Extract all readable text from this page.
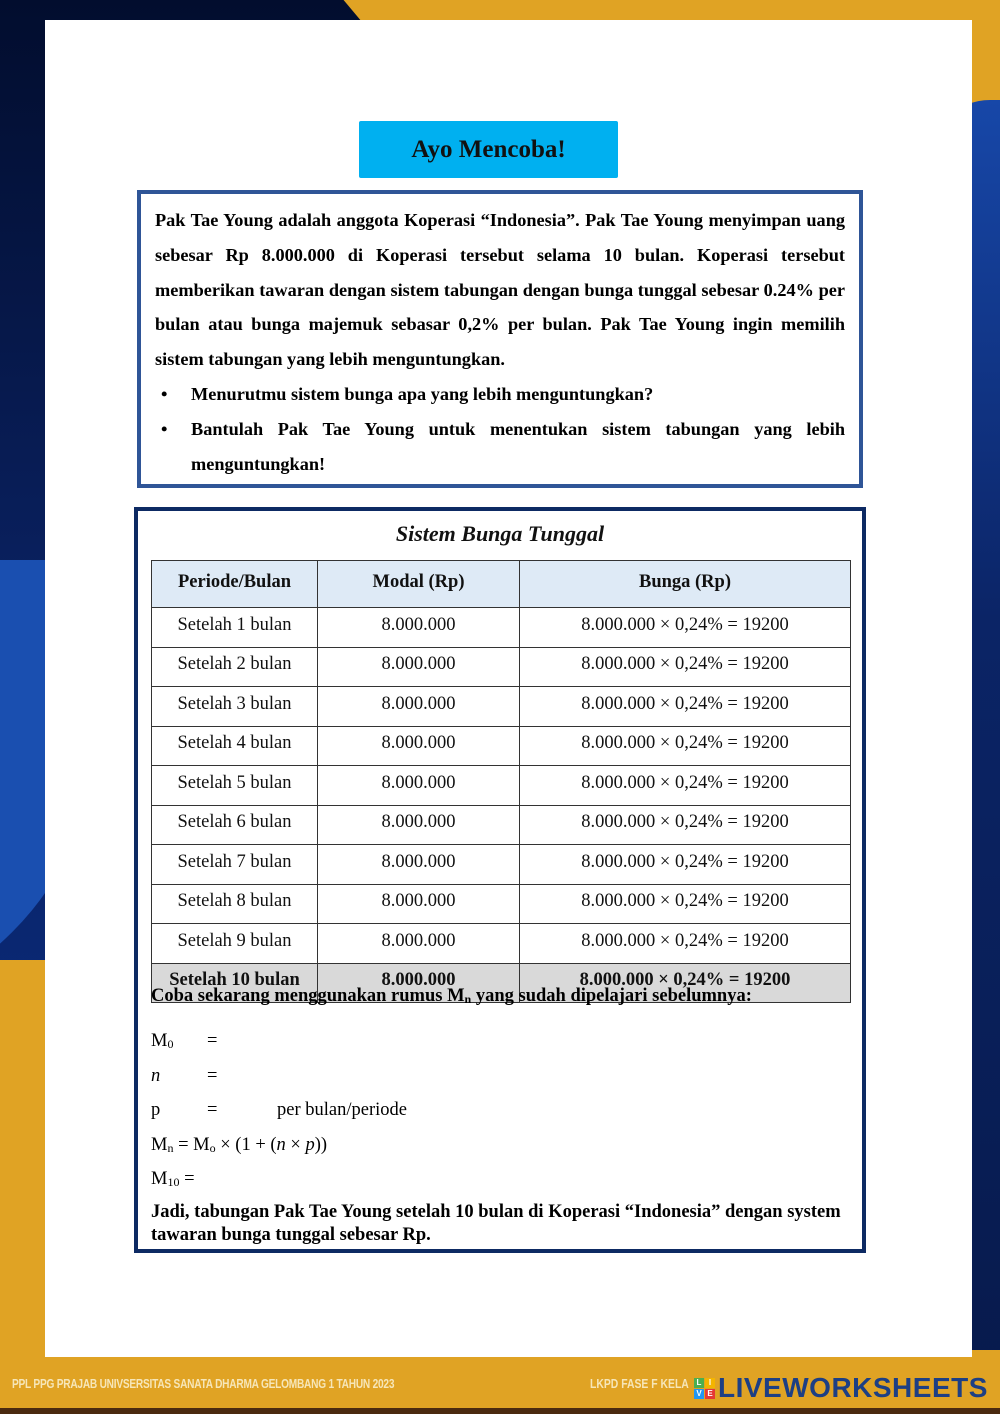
Ayo Mencoba!

Pak Tae Young adalah anggota Koperasi “Indonesia”. Pak Tae Young menyimpan uang sebesar Rp 8.000.000 di Koperasi tersebut selama 10 bulan. Koperasi tersebut memberikan tawaran dengan sistem tabungan dengan bunga tunggal sebesar 0.24% per bulan atau bunga majemuk sebasar 0,2% per bulan. Pak Tae Young ingin memilih sistem tabungan yang lebih menguntungkan.

• Menurutmu sistem bunga apa yang lebih menguntungkan?
• Bantulah Pak Tae Young untuk menentukan sistem tabungan yang lebih menguntungkan!
Sistem Bunga Tunggal
Periode/Bulan	Modal (Rp)	Bunga (Rp)
Setelah 1 bulan	8.000.000	8.000.000 × 0,24% = 19200
Setelah 2 bulan	8.000.000	8.000.000 × 0,24% = 19200
Setelah 3 bulan	8.000.000	8.000.000 × 0,24% = 19200
Setelah 4 bulan	8.000.000	8.000.000 × 0,24% = 19200
Setelah 5 bulan	8.000.000	8.000.000 × 0,24% = 19200
Setelah 6 bulan	8.000.000	8.000.000 × 0,24% = 19200
Setelah 7 bulan	8.000.000	8.000.000 × 0,24% = 19200
Setelah 8 bulan	8.000.000	8.000.000 × 0,24% = 19200
Setelah 9 bulan	8.000.000	8.000.000 × 0,24% = 19200
Setelah 10 bulan	8.000.000	8.000.000 × 0,24% = 19200

Coba sekarang menggunakan rumus $M_n$ yang sudah dipelajari sebelumnya:

$M_0$ =
n	=
p	=	per bulan/periode
$M_n = M_o \times (1 + (n \times p))$
$M_{10}$ =

Jadi, tabungan Pak Tae Young setelah 10 bulan di Koperasi “Indonesia” dengan system tawaran bunga tunggal sebesar Rp.

PPL PPG PRAJAB UNIVSERSITAS SANATA DHARMA GELOMBANG 1 TAHUN 2023	LKPD FASE F KELA L I
V E LIVEWORKSHEETS
